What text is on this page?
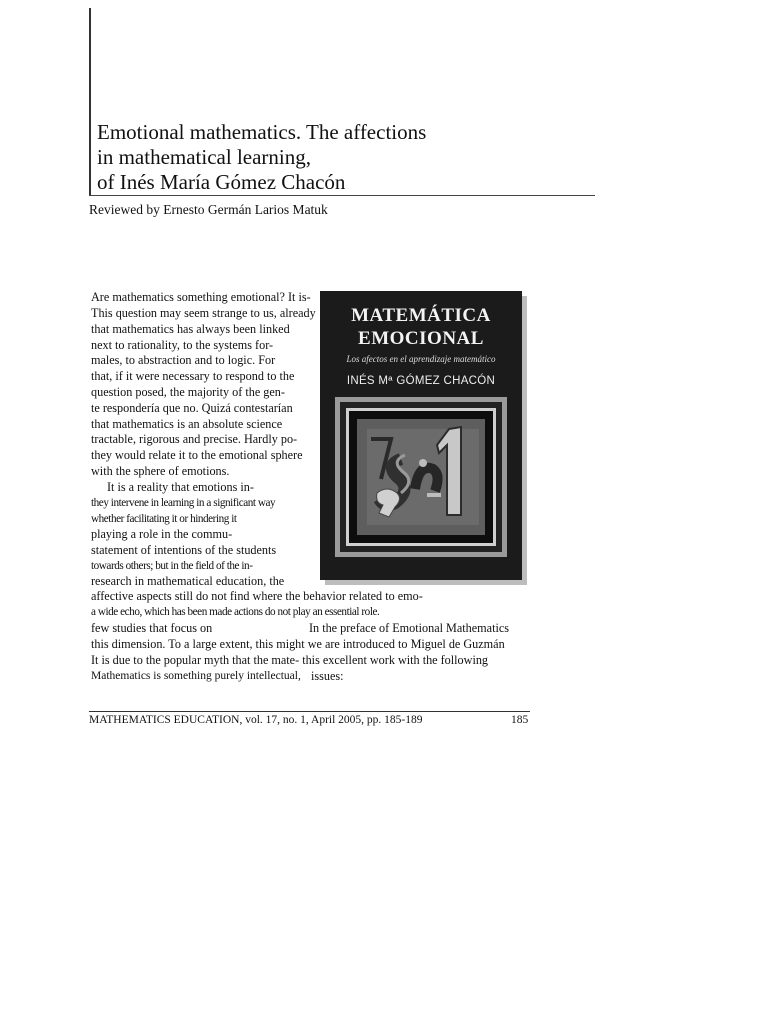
Emotional mathematics. The affections
in mathematical learning,
of Inés María Gómez Chacón
Reviewed by Ernesto Germán Larios Matuk
Are mathematics something emotional? It is-
This question may seem strange to us, already
that mathematics has always been linked
next to rationality, to the systems for-
males, to abstraction and to logic. For
that, if it were necessary to respond to the
question posed, the majority of the gen-
te respondería que no. Quizá contestarían
that mathematics is an absolute science
tractable, rigorous and precise. Hardly po-
they would relate it to the emotional sphere
with the sphere of emotions.
It is a reality that emotions in-
they intervene in learning in a significant way
whether facilitating it or hindering it
playing a role in the commu-
statement of intentions of the students
towards others; but in the field of the in-
research in mathematical education, the
affective aspects still do not find where the behavior related to emo-
a wide echo, which has been made actions do not play an essential role.
few studies that focus on	In the preface of Emotional Mathematics
this dimension. To a large extent, this might we are introduced to Miguel de Guzmán
It is due to the popular myth that the mate- this excellent work with the following
Mathematics is something purely intellectual, issues:
MATEMÁTICA
EMOCIONAL
Los afectos en el aprendizaje matemático
INÉS Mª GÓMEZ CHACÓN
MATHEMATICS EDUCATION, vol. 17, no. 1, April 2005, pp. 185-189	185
